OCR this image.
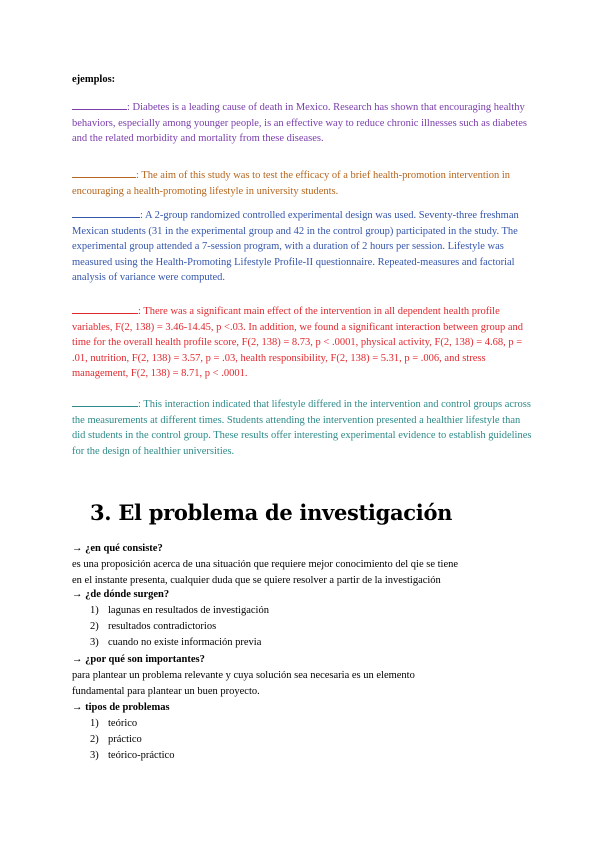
ejemplos:
: Diabetes is a leading cause of death in Mexico. Research has shown that encouraging healthy behaviors, especially among younger people, is an effective way to reduce chronic illnesses such as diabetes and the related morbidity and mortality from these diseases.
: The aim of this study was to test the efficacy of a brief health-promotion intervention in encouraging a health-promoting lifestyle in university students.
: A 2-group randomized controlled experimental design was used. Seventy-three freshman Mexican students (31 in the experimental group and 42 in the control group) participated in the study. The experimental group attended a 7-session program, with a duration of 2 hours per session. Lifestyle was measured using the Health-Promoting Lifestyle Profile-II questionnaire. Repeated-measures and factorial analysis of variance were computed.
: There was a significant main effect of the intervention in all dependent health profile variables, F(2, 138) = 3.46-14.45, p <.03. In addition, we found a significant interaction between group and time for the overall health profile score, F(2, 138) = 8.73, p < .0001, physical activity, F(2, 138) = 4.68, p = .01, nutrition, F(2, 138) = 3.57, p = .03, health responsibility, F(2, 138) = 5.31, p = .006, and stress management, F(2, 138) = 8.71, p < .0001.
: This interaction indicated that lifestyle differed in the intervention and control groups across the measurements at different times. Students attending the intervention presented a healthier lifestyle than did students in the control group. These results offer interesting experimental evidence to establish guidelines for the design of healthier universities.
3. El problema de investigación
→ ¿en qué consiste?
es una proposición acerca de una situación que requiere mejor conocimiento del qie se tiene
en el instante presenta, cualquier duda que se quiere resolver a partir de la investigación
→ ¿de dónde surgen?
1) lagunas en resultados de investigación
2) resultados contradictorios
3) cuando no existe información previa
→ ¿por qué son importantes?
para plantear un problema relevante y cuya solución sea necesaria es un elemento
fundamental para plantear un buen proyecto.
→ tipos de problemas
1) teórico
2) práctico
3) teórico-práctico
